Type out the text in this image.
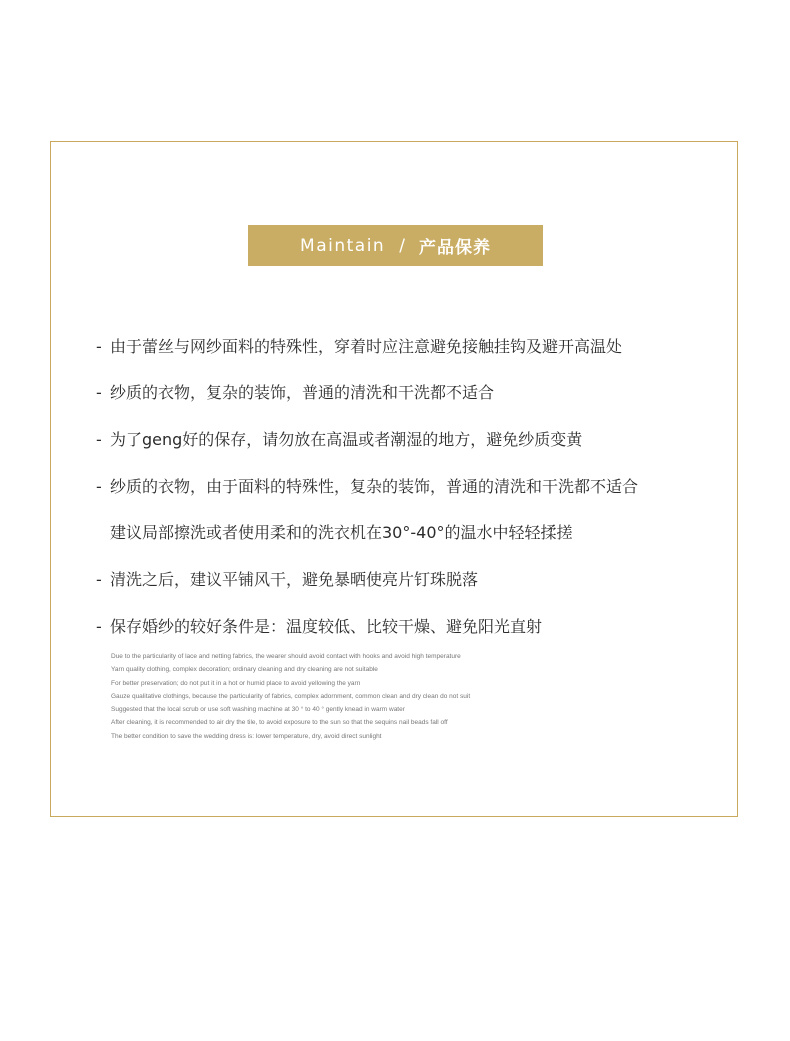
Maintain / 产品保养
- 由于蕾丝与网纱面料的特殊性，穿着时应注意避免接触挂钩及避开高温处
- 纱质的衣物，复杂的装饰，普通的清洗和干洗都不适合
- 为了geng好的保存，请勿放在高温或者潮湿的地方，避免纱质变黄
- 纱质的衣物，由于面料的特殊性，复杂的装饰，普通的清洗和干洗都不适合
建议局部擦洗或者使用柔和的洗衣机在30°-40°的温水中轻轻揉搓
- 清洗之后，建议平铺风干，避免暴晒使亮片钉珠脱落
- 保存婚纱的较好条件是：温度较低、比较干燥、避免阳光直射
Due to the particularity of lace and netting fabrics, the wearer should avoid contact with hooks and avoid high temperature
Yarn quality clothing, complex decoration; ordinary cleaning and dry cleaning are not suitable
For better preservation; do not put it in a hot or humid place to avoid yellowing the yarn
Gauze qualitative clothings, because the particularity of fabrics, complex adornment, common clean and dry clean do not suit
Suggested that the local scrub or use soft washing machine at 30 ° to 40 ° gently knead in warm water
After cleaning, it is recommended to air dry the tile, to avoid exposure to the sun so that the sequins nail beads fall off
The better condition to save the wedding dress is: lower temperature, dry, avoid direct sunlight
